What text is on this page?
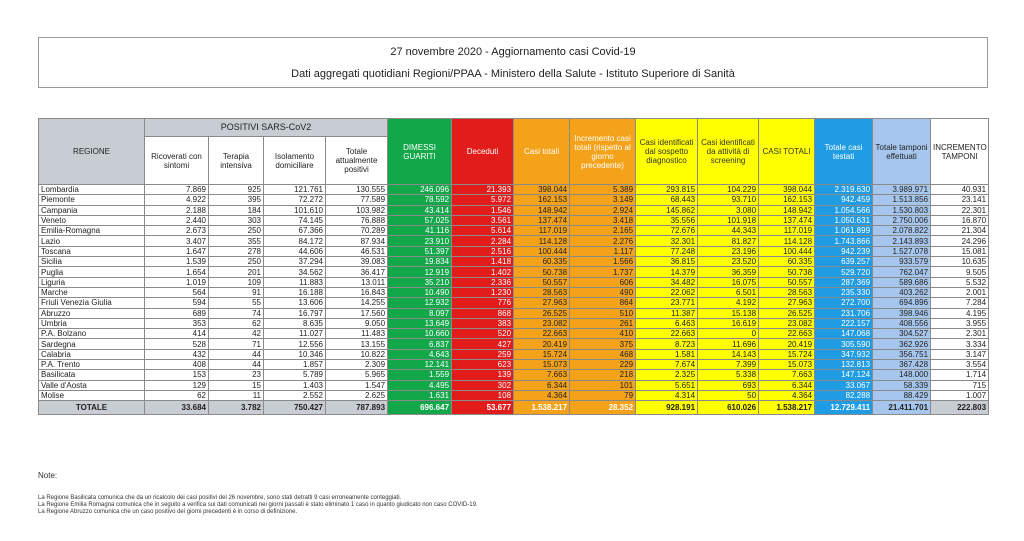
27 novembre 2020 - Aggiornamento casi Covid-19
Dati aggregati quotidiani Regioni/PPAA - Ministero della Salute - Istituto Superiore di Sanità
REGIONE	POSITIVI SARS-CoV2				DIMESSI GUARITI	Deceduti	Casi totali	Incremento casi totali (rispetto al giorno precedente)	Casi identificati dal sospetto diagnostico	Casi identificati da attività di screening	CASI TOTALI	Totale casi testati	Totale tamponi effettuati	INCREMENTO TAMPONI
	Ricoverati con sintomi	Terapia intensiva	Isolamento domiciliare	Totale attualmente positivi										
Lombardia	7.869	925	121.761	130.555	246.096	21.393	398.044	5.389	293.815	104.229	398.044	2.319.630	3.989.971	40.931
Piemonte	4.922	395	72.272	77.589	78.592	5.972	162.153	3.149	68.443	93.710	162.153	942.459	1.513.856	23.141
Campania	2.188	184	101.610	103.982	43.414	1.546	148.942	2.924	145.862	3.080	148.942	1.054.566	1.530.803	22.301
Veneto	2.440	303	74.145	76.888	57.025	3.561	137.474	3.418	35.556	101.918	137.474	1.050.631	2.750.006	16.870
Emilia-Romagna	2.673	250	67.366	70.289	41.116	5.614	117.019	2.165	72.676	44.343	117.019	1.061.899	2.078.822	21.304
Lazio	3.407	355	84.172	87.934	23.910	2.284	114.128	2.276	32.301	81.827	114.128	1.743.866	2.143.893	24.296
Toscana	1.647	278	44.606	46.531	51.397	2.516	100.444	1.117	77.248	23.196	100.444	942.239	1.527.078	15.081
Sicilia	1.539	250	37.294	39.083	19.834	1.418	60.335	1.566	36.815	23.520	60.335	639.257	933.579	10.635
Puglia	1.654	201	34.562	36.417	12.919	1.402	50.738	1.737	14.379	36.359	50.738	529.720	762.047	9.505
Liguria	1.019	109	11.883	13.011	35.210	2.336	50.557	606	34.482	16.075	50.557	287.369	589.686	5.532
Marche	564	91	16.188	16.843	10.490	1.230	28.563	490	22.062	6.501	28.563	235.330	403.262	2.001
Friuli Venezia Giulia	594	55	13.606	14.255	12.932	776	27.963	864	23.771	4.192	27.963	272.700	694.896	7.284
Abruzzo	689	74	16.797	17.560	8.097	868	26.525	510	11.387	15.138	26.525	231.706	398.946	4.195
Umbria	353	62	8.635	9.050	13.649	383	23.082	261	6.463	16.619	23.082	222.157	408.556	3.955
P.A. Bolzano	414	42	11.027	11.483	10.660	520	22.663	410	22.663	0	22.663	147.068	304.527	2.301
Sardegna	528	71	12.556	13.155	6.837	427	20.419	375	8.723	11.696	20.419	305.590	362.926	3.334
Calabria	432	44	10.346	10.822	4.643	259	15.724	468	1.581	14.143	15.724	347.932	356.751	3.147
P.A. Trento	408	44	1.857	2.309	12.141	623	15.073	229	7.674	7.399	15.073	132.813	367.428	3.554
Basilicata	153	23	5.789	5.965	1.559	139	7.663	218	2.325	5.338	7.663	147.124	148.000	1.714
Valle d'Aosta	129	15	1.403	1.547	4.495	302	6.344	101	5.651	693	6.344	33.067	58.339	715
Molise	62	11	2.552	2.625	1.631	108	4.364	79	4.314	50	4.364	82.288	88.429	1.007
TOTALE	33.684	3.782	750.427	787.893	696.647	53.677	1.538.217	28.352	928.191	610.026	1.538.217	12.729.411	21.411.701	222.803
Note:
La Regione Basilicata comunica che da un ricalcolo dei casi positivi del 26 novembre, sono stati detratti 9 casi erroneamente conteggiati.
La Regione Emilia Romagna comunica che in seguito a verifica sui dati comunicati nei giorni passati è stato eliminato 1 caso in quanto giudicato non caso COVID-19.
La Regione Abruzzo comunica che un caso positivo dei giorni precedenti è in corso di definizione.
